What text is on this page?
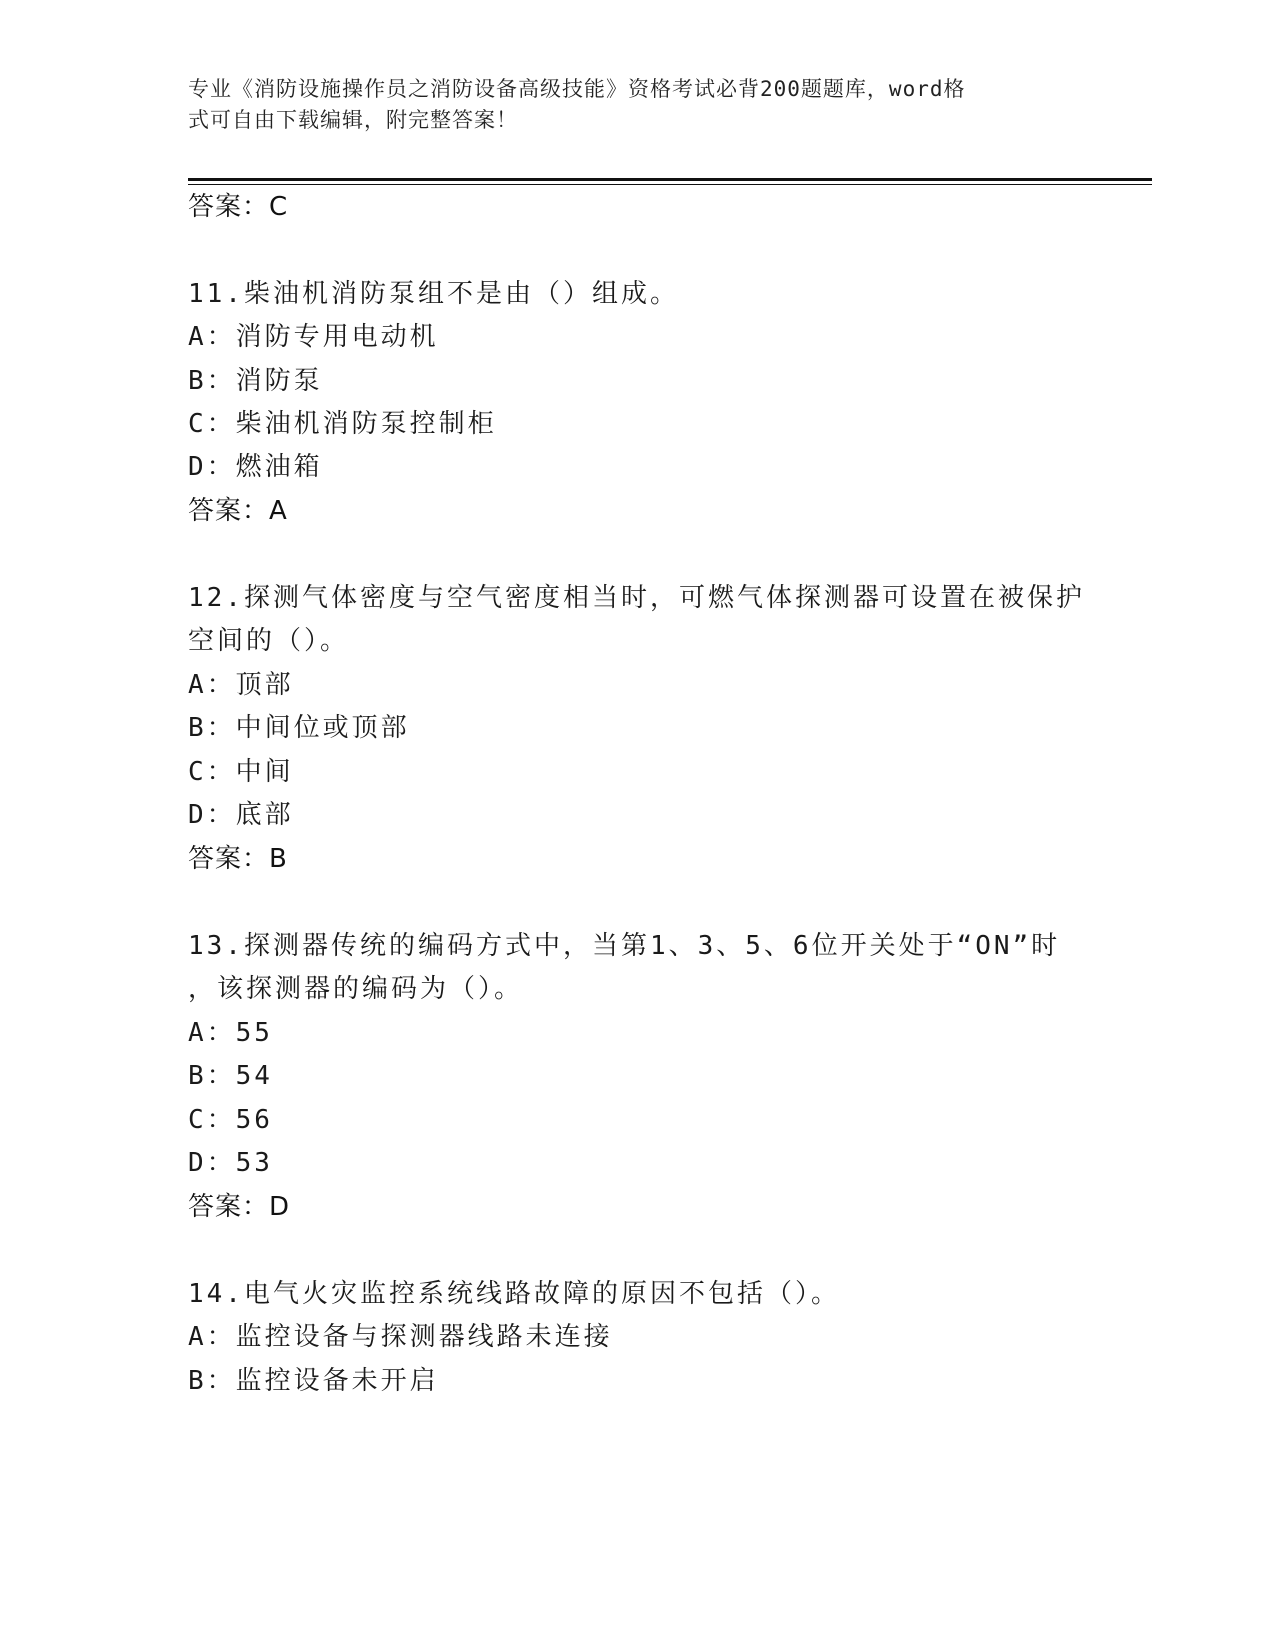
专业《消防设施操作员之消防设备高级技能》资格考试必背200题题库，word格
式可自由下载编辑，附完整答案！
答案：C
11.柴油机消防泵组不是由（）组成。
A：消防专用电动机
B：消防泵
C：柴油机消防泵控制柜
D：燃油箱
答案：A
12.探测气体密度与空气密度相当时，可燃气体探测器可设置在被保护
空间的（）。
A：顶部
B：中间位或顶部
C：中间
D：底部
答案：B
13.探测器传统的编码方式中，当第1、3、5、6位开关处于“ON”时
，该探测器的编码为（）。
A：55
B：54
C：56
D：53
答案：D
14.电气火灾监控系统线路故障的原因不包括（）。
A：监控设备与探测器线路未连接
B：监控设备未开启
